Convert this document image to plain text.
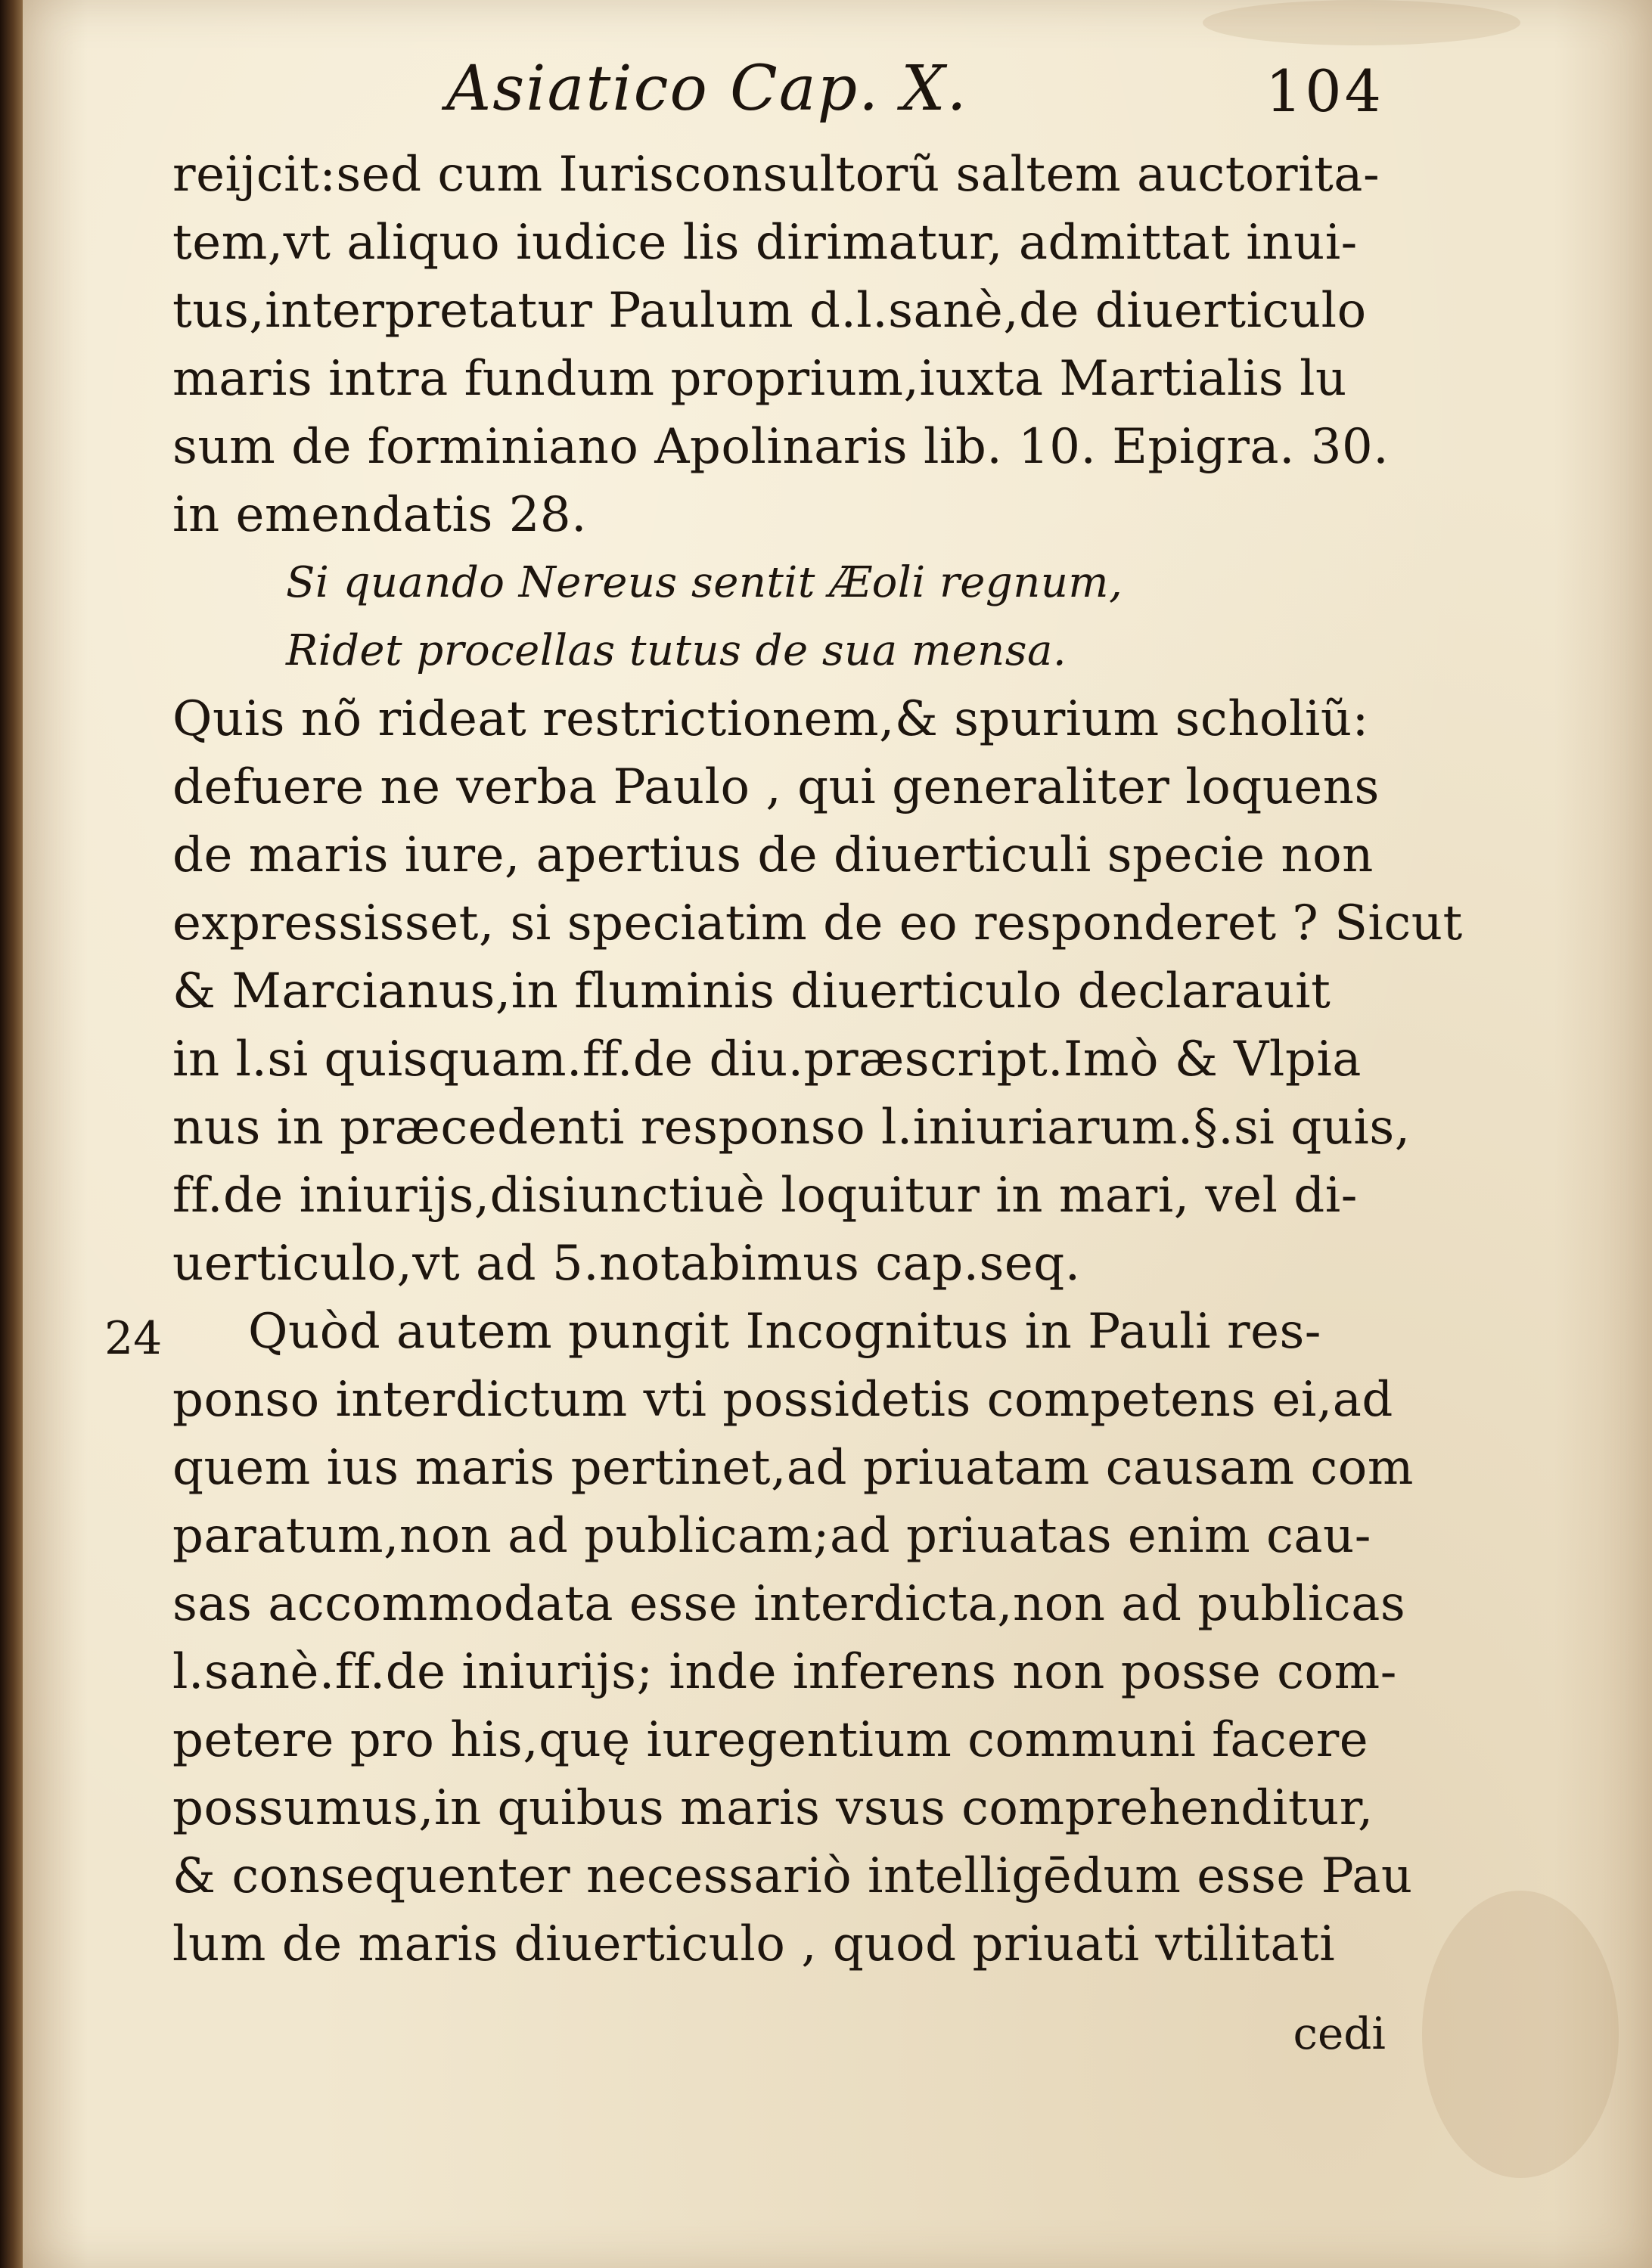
Asiatico Cap. X.	104
24
reijcit:sed cum Iurisconsultorũ saltem auctorita-
tem,vt aliquo iudice lis dirimatur, admittat inui-
tus,interpretatur Paulum d.l.sanè,de diuerticulo
maris intra fundum proprium,iuxta Martialis lu
sum de forminiano Apolinaris lib. 10. Epigra. 30.
in emendatis 28.
Si quando Nereus sentit Æoli regnum,
Ridet procellas tutus de sua mensa.
Quis nõ rideat restrictionem,& spurium scholiũ:
defuere ne verba Paulo , qui generaliter loquens
de maris iure, apertius de diuerticuli specie non
expressisset, si speciatim de eo responderet ? Sicut
& Marcianus,in fluminis diuerticulo declarauit
in l.si quisquam.ff.de diu.præscript.Imò & Vlpia
nus in præcedenti responso l.iniuriarum.§.si quis,
ff.de iniurijs,disiunctiuè loquitur in mari, vel di-
uerticulo,vt ad 5.notabimus cap.seq.
Quòd autem pungit Incognitus in Pauli res-
ponso interdictum vti possidetis competens ei,ad
quem ius maris pertinet,ad priuatam causam com
paratum,non ad publicam;ad priuatas enim cau-
sas accommodata esse interdicta,non ad publicas
l.sanè.ff.de iniurijs; inde inferens non posse com-
petere pro his,quę iuregentium communi facere
possumus,in quibus maris vsus comprehenditur,
& consequenter necessariò intelligēdum esse Pau
lum de maris diuerticulo , quod priuati vtilitati
cedi
